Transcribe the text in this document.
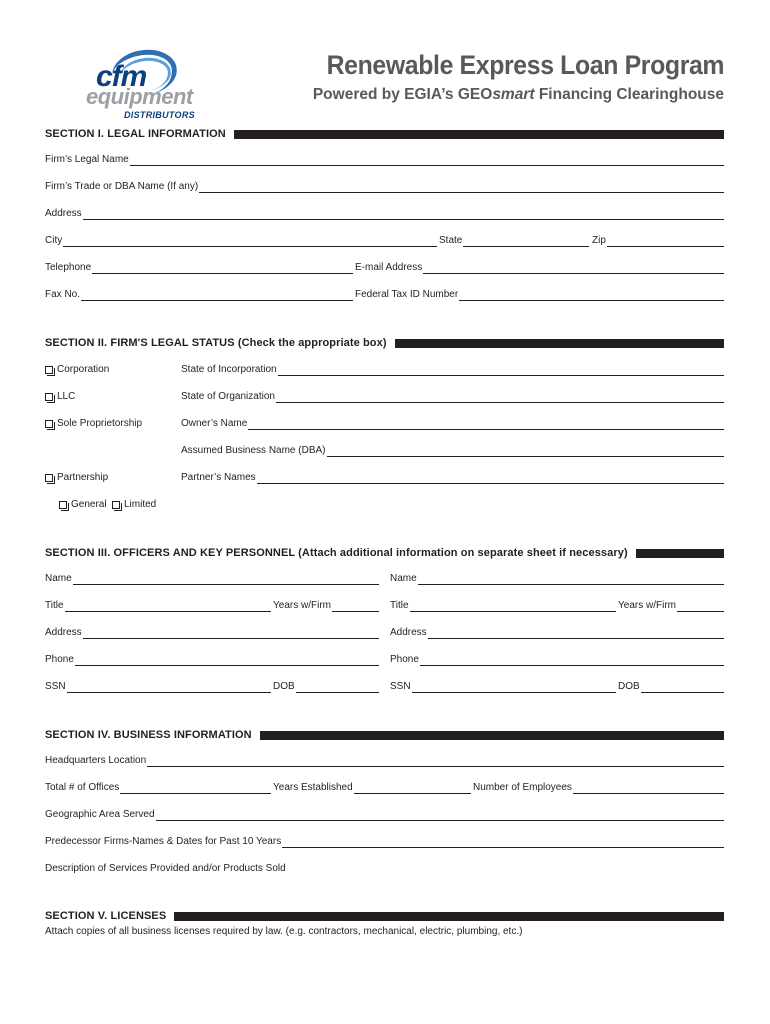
cfm
equipment
DISTRIBUTORS
Renewable Express Loan Program
Powered by EGIA’s GEOsmart Financing Clearinghouse
SECTION I. LEGAL INFORMATION
Firm’s Legal Name
Firm’s Trade or DBA Name (If any)
Address
City	State	Zip
Telephone	E-mail Address
Fax No.	Federal Tax ID Number
SECTION II. FIRM'S LEGAL STATUS (Check the appropriate box)
Corporation	State of Incorporation
LLC	State of Organization
Sole Proprietorship	Owner’s Name
Assumed Business Name (DBA)
Partnership	Partner’s Names
General Limited
SECTION III. OFFICERS AND KEY PERSONNEL (Attach additional information on separate sheet if necessary)
Name	Name
Title	Years w/Firm	Title	Years w/Firm
Address	Address
Phone	Phone
SSN	DOB	SSN	DOB
SECTION IV. BUSINESS INFORMATION
Headquarters Location
Total # of Offices	Years Established	Number of Employees
Geographic Area Served
Predecessor Firms-Names & Dates for Past 10 Years
Description of Services Provided and/or Products Sold
SECTION V. LICENSES
Attach copies of all business licenses required by law. (e.g. contractors, mechanical, electric, plumbing, etc.)
